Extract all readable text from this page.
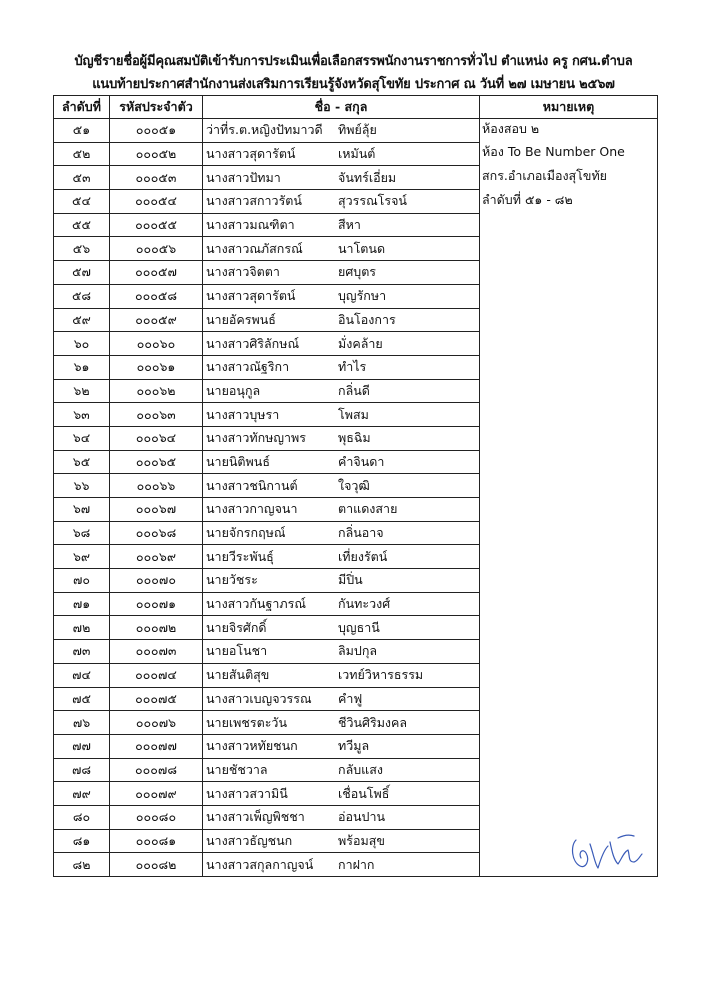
บัญชีรายชื่อผู้มีคุณสมบัติเข้ารับการประเมินเพื่อเลือกสรรพนักงานราชการทั่วไป ตำแหน่ง ครู กศน.ตำบล
แนบท้ายประกาศสำนักงานส่งเสริมการเรียนรู้จังหวัดสุโขทัย ประกาศ ณ วันที่ ๒๗ เมษายน ๒๕๖๗
ลำดับที่	รหัสประจำตัว	ชื่อ - สกุล	หมายเหตุ
๕๑	๐๐๐๕๑	ว่าที่ร.ต.หญิงปัทมาวดี ทิพย์ลุ้ย	ห้องสอบ ๒
๕๒	๐๐๐๕๒	นางสาวสุดารัตน์ เหมันต์	ห้อง To Be Number One
๕๓	๐๐๐๕๓	นางสาวปัทมา จันทร์เอี่ยม	สกร.อำเภอเมืองสุโขทัย
๕๔	๐๐๐๕๔	นางสาวสกาวรัตน์ สุวรรณโรจน์	ลำดับที่ ๕๑ - ๘๒
๕๕	๐๐๐๕๕	นางสาวมณฑิตา สีหา	
๕๖	๐๐๐๕๖	นางสาวณภัสกรณ์ นาโตนด	
๕๗	๐๐๐๕๗	นางสาวจิตตา ยศบุตร	
๕๘	๐๐๐๕๘	นางสาวสุดารัตน์ บุญรักษา	
๕๙	๐๐๐๕๙	นายอัครพนธ์ อินโองการ	
๖๐	๐๐๐๖๐	นางสาวศิริลักษณ์ มั่งคล้าย	
๖๑	๐๐๐๖๑	นางสาวณัฐริกา ทำไร	
๖๒	๐๐๐๖๒	นายอนุกูล กลิ่นดี	
๖๓	๐๐๐๖๓	นางสาวบุษรา โพสม	
๖๔	๐๐๐๖๔	นางสาวทักษญาพร พุธฉิม	
๖๕	๐๐๐๖๕	นายนิติพนธ์ คำจินดา	
๖๖	๐๐๐๖๖	นางสาวชนิกานต์ ใจวุฒิ	
๖๗	๐๐๐๖๗	นางสาวกาญจนา ตาแดงสาย	
๖๘	๐๐๐๖๘	นายจักรกฤษณ์ กลิ่นอาจ	
๖๙	๐๐๐๖๙	นายวีระพันธุ์ เที่ยงรัตน์	
๗๐	๐๐๐๗๐	นายวัชระ มีปิ่น	
๗๑	๐๐๐๗๑	นางสาวกันฐาภรณ์ กันทะวงศ์	
๗๒	๐๐๐๗๒	นายจิรศักดิ์ บุญธานี	
๗๓	๐๐๐๗๓	นายอโนชา ลิมปกุล	
๗๔	๐๐๐๗๔	นายสันติสุข เวทย์วิหารธรรม	
๗๕	๐๐๐๗๕	นางสาวเบญจวรรณ คำฟู	
๗๖	๐๐๐๗๖	นายเพชรตะวัน ชีวินศิริมงคล	
๗๗	๐๐๐๗๗	นางสาวหทัยชนก ทวีมูล	
๗๘	๐๐๐๗๘	นายชัชวาล กลับแสง	
๗๙	๐๐๐๗๙	นางสาวสวามินี เชื่อนโพธิ์	
๘๐	๐๐๐๘๐	นางสาวเพ็ญพิชชา อ่อนปาน	
๘๑	๐๐๐๘๑	นางสาวธัญชนก พร้อมสุข	
๘๒	๐๐๐๘๒	นางสาวสกุลกาญจน์ กาฝาก	
